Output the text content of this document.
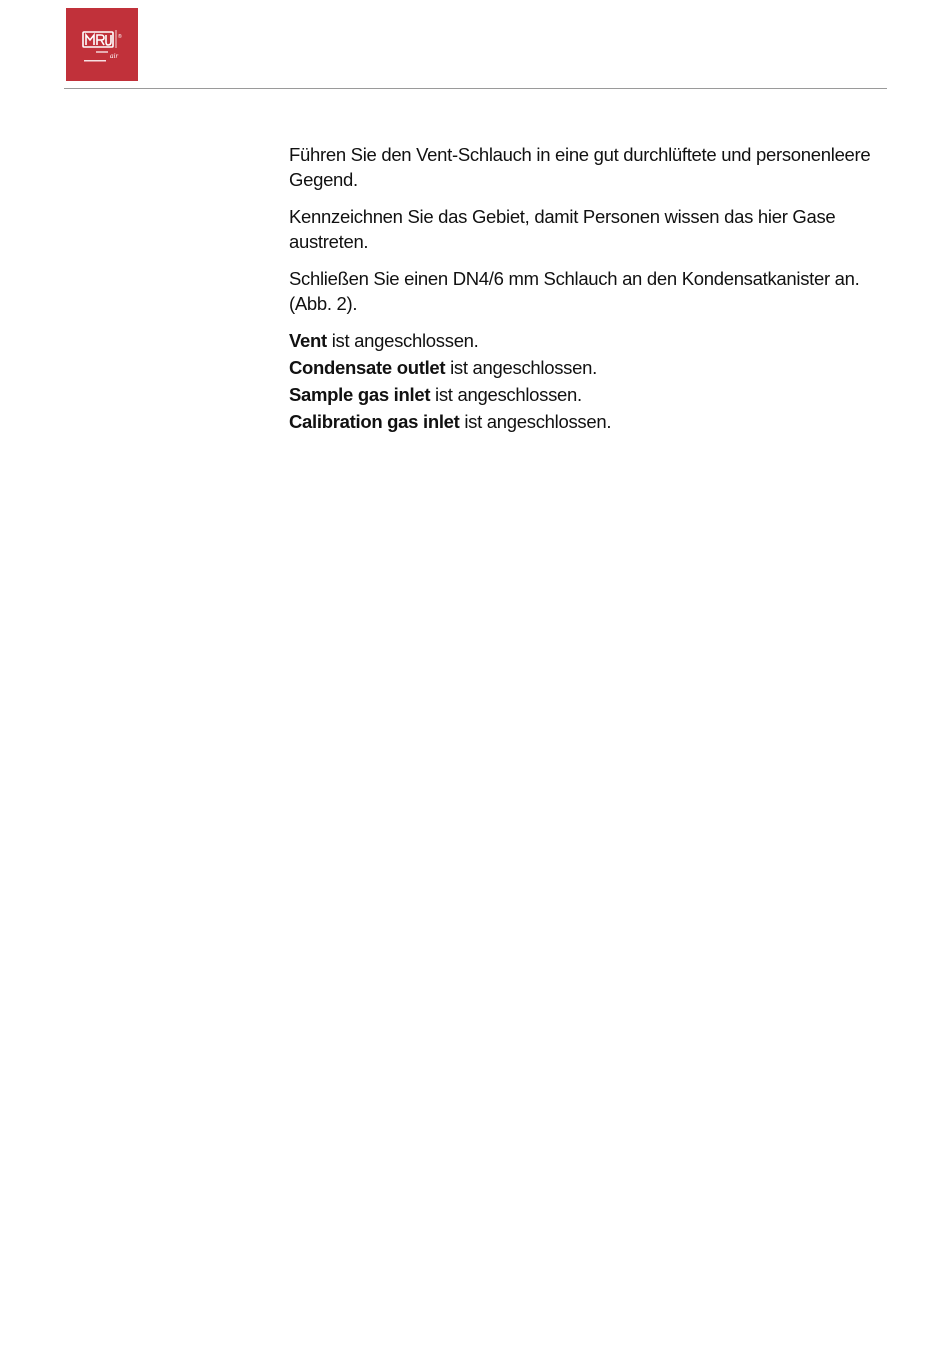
®
air

Führen Sie den Vent-Schlauch in eine gut durchlüftete und personenleere Gegend.

Kennzeichnen Sie das Gebiet, damit Personen wissen das hier Gase austreten.

Schließen Sie einen DN4/6 mm Schlauch an den Kondensatkanister an. (Abb. 2).

Vent ist angeschlossen.
Condensate outlet ist angeschlossen.
Sample gas inlet ist angeschlossen.
Calibration gas inlet ist angeschlossen.
